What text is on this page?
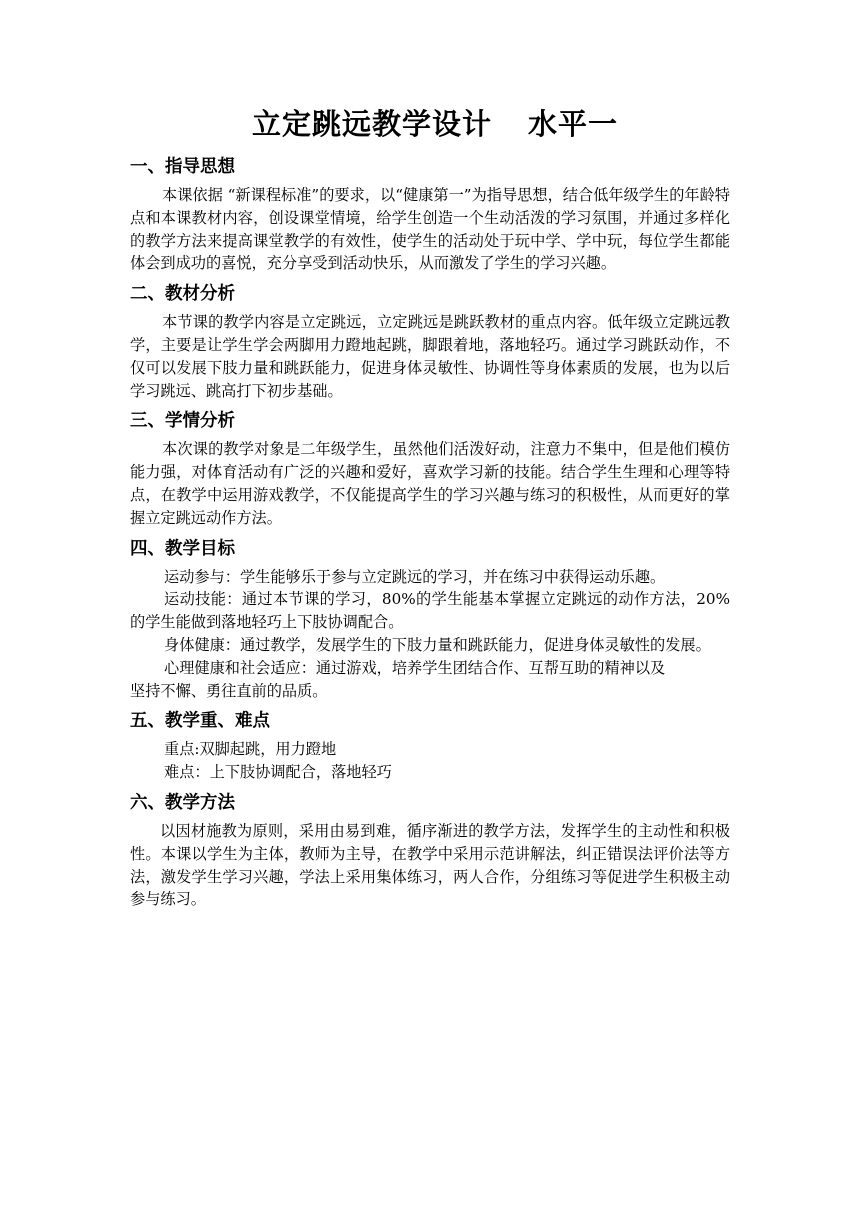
立定跳远教学设计 水平一
一、指导思想

本课依据 “新课程标准”的要求，以“健康第一”为指导思想，结合低年级学生的年龄特点和本课教材内容，创设课堂情境，给学生创造一个生动活泼的学习氛围，并通过多样化的教学方法来提高课堂教学的有效性，使学生的活动处于玩中学、学中玩，每位学生都能体会到成功的喜悦，充分享受到活动快乐，从而激发了学生的学习兴趣。

二、教材分析

本节课的教学内容是立定跳远，立定跳远是跳跃教材的重点内容。低年级立定跳远教学，主要是让学生学会两脚用力蹬地起跳，脚跟着地，落地轻巧。通过学习跳跃动作，不仅可以发展下肢力量和跳跃能力，促进身体灵敏性、协调性等身体素质的发展，也为以后学习跳远、跳高打下初步基础。

三、学情分析

本次课的教学对象是二年级学生，虽然他们活泼好动，注意力不集中，但是他们模仿能力强，对体育活动有广泛的兴趣和爱好，喜欢学习新的技能。结合学生生理和心理等特点，在教学中运用游戏教学，不仅能提高学生的学习兴趣与练习的积极性，从而更好的掌握立定跳远动作方法。

四、教学目标

运动参与：学生能够乐于参与立定跳远的学习，并在练习中获得运动乐趣。

运动技能：通过本节课的学习，80%的学生能基本掌握立定跳远的动作方法，20%的学生能做到落地轻巧上下肢协调配合。

身体健康：通过教学，发展学生的下肢力量和跳跃能力，促进身体灵敏性的发展。

心理健康和社会适应：通过游戏，培养学生团结合作、互帮互助的精神以及

坚持不懈、勇往直前的品质。

五、教学重、难点

重点:双脚起跳，用力蹬地

难点：上下肢协调配合，落地轻巧

六、教学方法

以因材施教为原则，采用由易到难，循序渐进的教学方法，发挥学生的主动性和积极性。本课以学生为主体，教师为主导，在教学中采用示范讲解法，纠正错误法评价法等方法，激发学生学习兴趣，学法上采用集体练习，两人合作，分组练习等促进学生积极主动参与练习。
